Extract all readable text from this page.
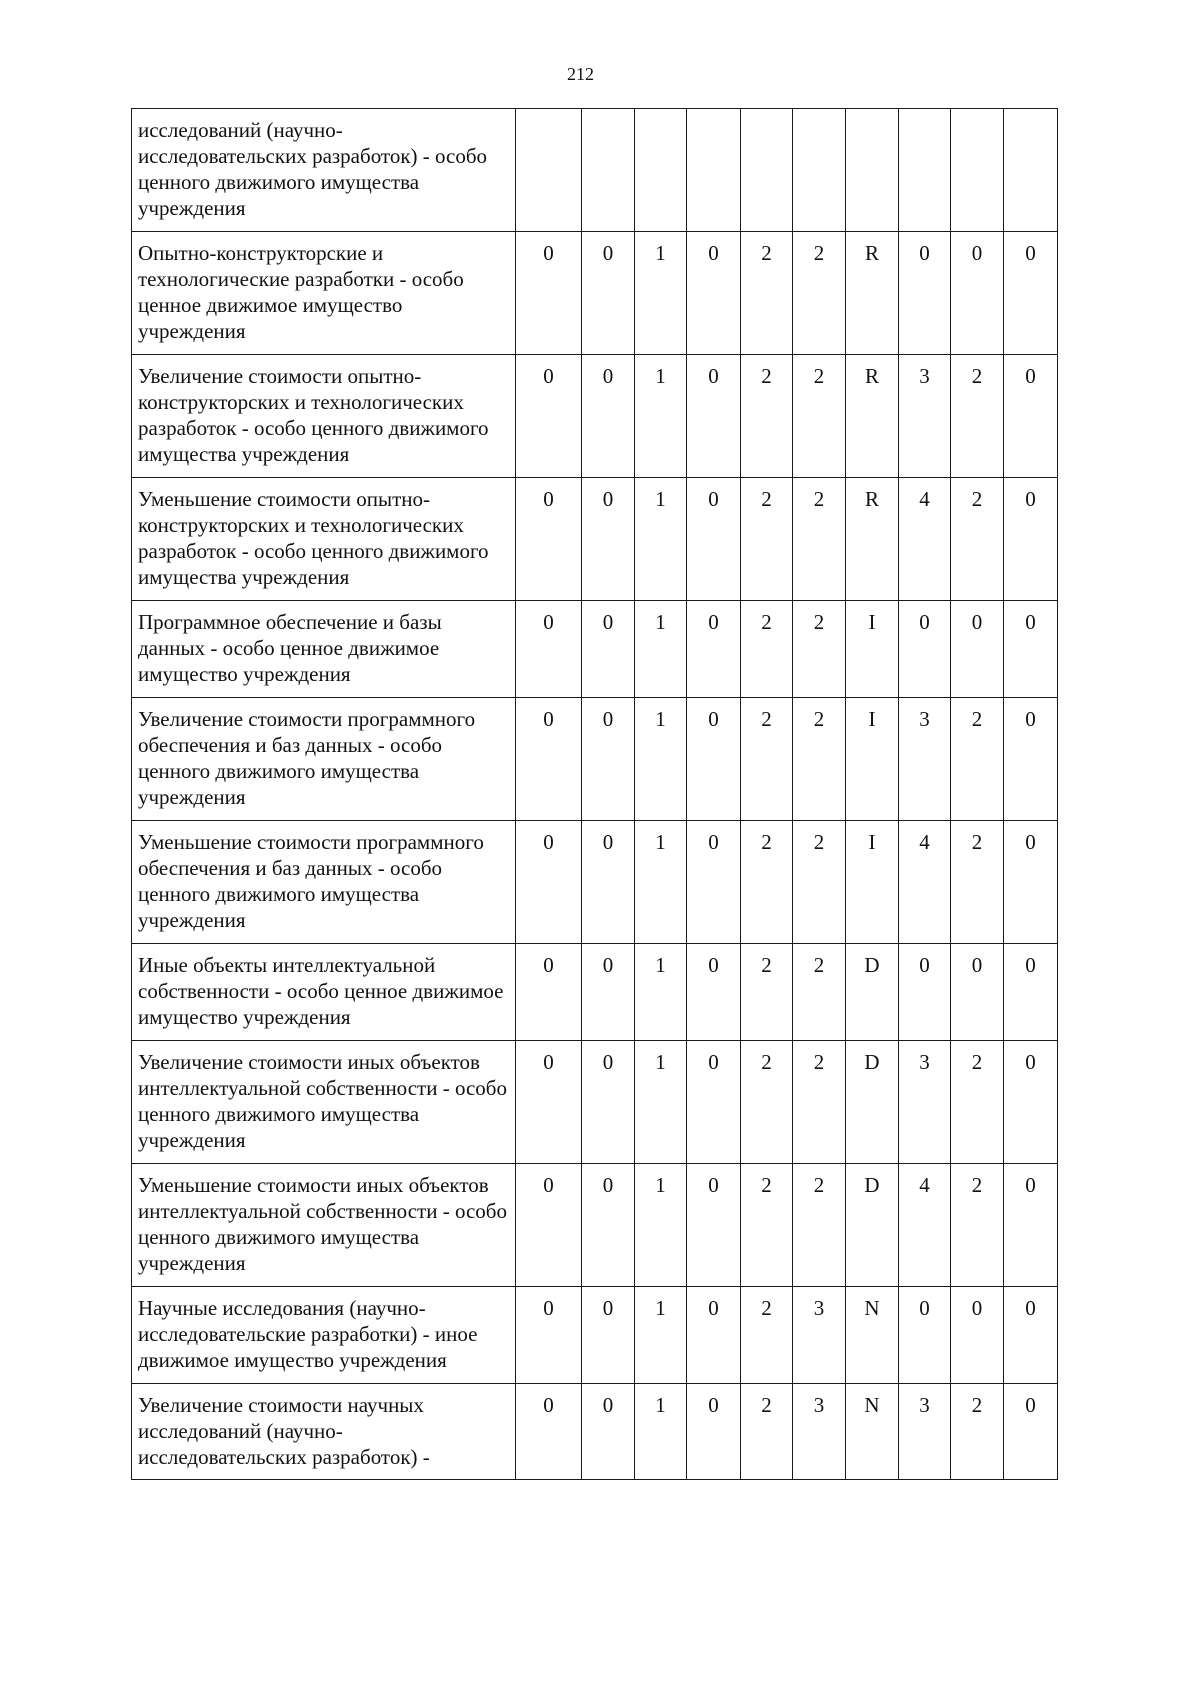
212
исследований (научно-исследовательских разработок) - особо ценного движимого имущества учреждения										
Опытно-конструкторские и технологические разработки - особо ценное движимое имущество учреждения	0	0	1	0	2	2	R	0	0	0
Увеличение стоимости опытно-конструкторских и технологических разработок - особо ценного движимого имущества учреждения	0	0	1	0	2	2	R	3	2	0
Уменьшение стоимости опытно-конструкторских и технологических разработок - особо ценного движимого имущества учреждения	0	0	1	0	2	2	R	4	2	0
Программное обеспечение и базы данных - особо ценное движимое имущество учреждения	0	0	1	0	2	2	I	0	0	0
Увеличение стоимости программного обеспечения и баз данных - особо ценного движимого имущества учреждения	0	0	1	0	2	2	I	3	2	0
Уменьшение стоимости программного обеспечения и баз данных - особо ценного движимого имущества учреждения	0	0	1	0	2	2	I	4	2	0
Иные объекты интеллектуальной собственности - особо ценное движимое имущество учреждения	0	0	1	0	2	2	D	0	0	0
Увеличение стоимости иных объектов интеллектуальной собственности - особо ценного движимого имущества учреждения	0	0	1	0	2	2	D	3	2	0
Уменьшение стоимости иных объектов интеллектуальной собственности - особо ценного движимого имущества учреждения	0	0	1	0	2	2	D	4	2	0
Научные исследования (научно-исследовательские разработки) - иное движимое имущество учреждения	0	0	1	0	2	3	N	0	0	0
Увеличение стоимости научных исследований (научно-исследовательских разработок) -	0	0	1	0	2	3	N	3	2	0
